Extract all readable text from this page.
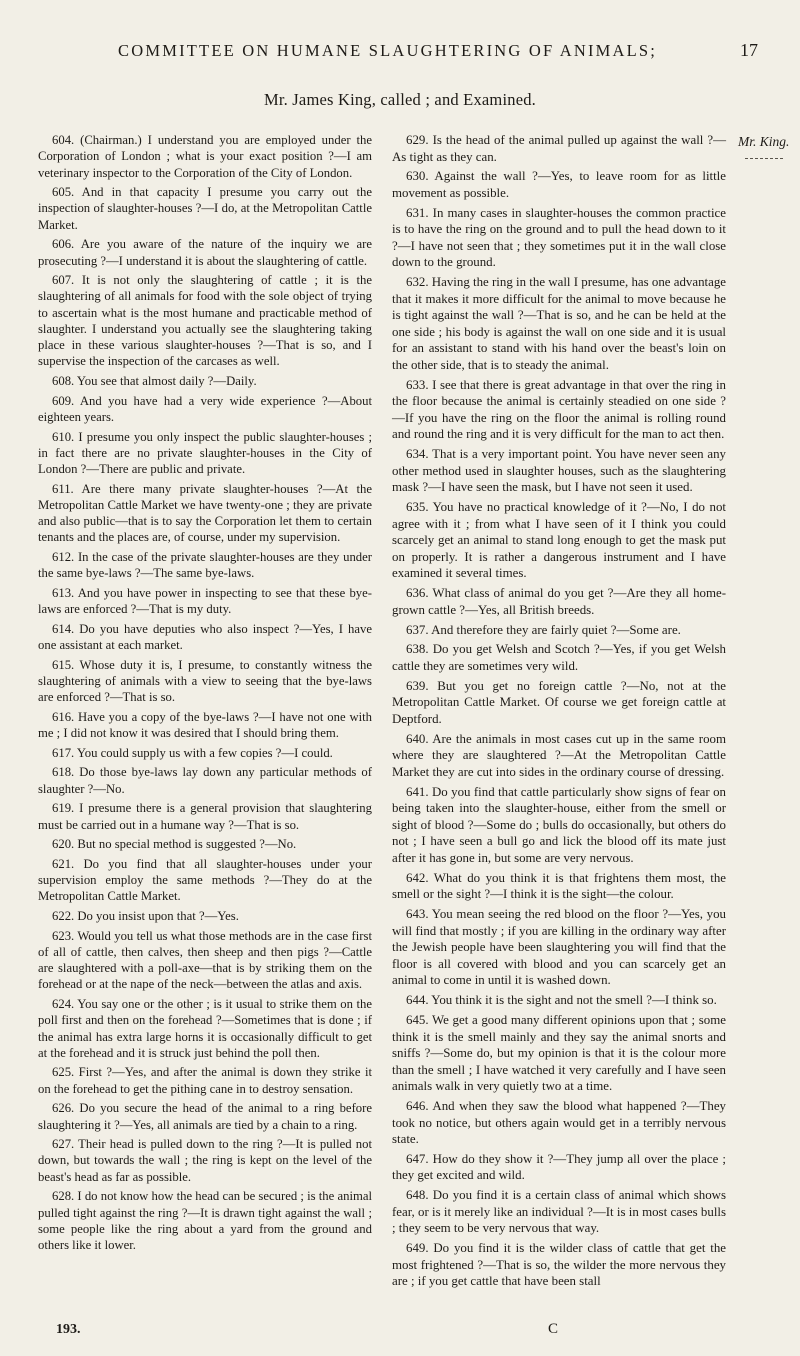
COMMITTEE ON HUMANE SLAUGHTERING OF ANIMALS;	17
Mr. James King, called ; and Examined.

604. (Chairman.) I understand you are employed under the Corporation of London ; what is your exact position ?—I am veterinary inspector to the Corporation of the City of London.

605. And in that capacity I presume you carry out the inspection of slaughter-houses ?—I do, at the Metropolitan Cattle Market.

606. Are you aware of the nature of the inquiry we are prosecuting ?—I understand it is about the slaughtering of cattle.

607. It is not only the slaughtering of cattle ; it is the slaughtering of all animals for food with the sole object of trying to ascertain what is the most humane and practicable method of slaughter. I understand you actually see the slaughtering taking place in these various slaughter-houses ?—That is so, and I supervise the inspection of the carcases as well.

608. You see that almost daily ?—Daily.

609. And you have had a very wide experience ?—About eighteen years.

610. I presume you only inspect the public slaughter-houses ; in fact there are no private slaughter-houses in the City of London ?—There are public and private.

611. Are there many private slaughter-houses ?—At the Metropolitan Cattle Market we have twenty-one ; they are private and also public—that is to say the Corporation let them to certain tenants and the places are, of course, under my supervision.

612. In the case of the private slaughter-houses are they under the same bye-laws ?—The same bye-laws.

613. And you have power in inspecting to see that these bye-laws are enforced ?—That is my duty.

614. Do you have deputies who also inspect ?—Yes, I have one assistant at each market.

615. Whose duty it is, I presume, to constantly witness the slaughtering of animals with a view to seeing that the bye-laws are enforced ?—That is so.

616. Have you a copy of the bye-laws ?—I have not one with me ; I did not know it was desired that I should bring them.

617. You could supply us with a few copies ?—I could.

618. Do those bye-laws lay down any particular methods of slaughter ?—No.

619. I presume there is a general provision that slaughtering must be carried out in a humane way ?—That is so.

620. But no special method is suggested ?—No.

621. Do you find that all slaughter-houses under your supervision employ the same methods ?—They do at the Metropolitan Cattle Market.

622. Do you insist upon that ?—Yes.

623. Would you tell us what those methods are in the case first of all of cattle, then calves, then sheep and then pigs ?—Cattle are slaughtered with a poll-axe—that is by striking them on the forehead or at the nape of the neck—between the atlas and axis.

624. You say one or the other ; is it usual to strike them on the poll first and then on the forehead ?—Sometimes that is done ; if the animal has extra large horns it is occasionally difficult to get at the forehead and it is struck just behind the poll then.

625. First ?—Yes, and after the animal is down they strike it on the forehead to get the pithing cane in to destroy sensation.

626. Do you secure the head of the animal to a ring before slaughtering it ?—Yes, all animals are tied by a chain to a ring.

627. Their head is pulled down to the ring ?—It is pulled not down, but towards the wall ; the ring is kept on the level of the beast's head as far as possible.

628. I do not know how the head can be secured ; is the animal pulled tight against the ring ?—It is drawn tight against the wall ; some people like the ring about a yard from the ground and others like it lower.

629. Is the head of the animal pulled up against the wall ?—As tight as they can.

630. Against the wall ?—Yes, to leave room for as little movement as possible.

631. In many cases in slaughter-houses the common practice is to have the ring on the ground and to pull the head down to it ?—I have not seen that ; they sometimes put it in the wall close down to the ground.

632. Having the ring in the wall I presume, has one advantage that it makes it more difficult for the animal to move because he is tight against the wall ?—That is so, and he can be held at the one side ; his body is against the wall on one side and it is usual for an assistant to stand with his hand over the beast's loin on the other side, that is to steady the animal.

633. I see that there is great advantage in that over the ring in the floor because the animal is certainly steadied on one side ?—If you have the ring on the floor the animal is rolling round and round the ring and it is very difficult for the man to act then.

634. That is a very important point. You have never seen any other method used in slaughter houses, such as the slaughtering mask ?—I have seen the mask, but I have not seen it used.

635. You have no practical knowledge of it ?—No, I do not agree with it ; from what I have seen of it I think you could scarcely get an animal to stand long enough to get the mask put on properly. It is rather a dangerous instrument and I have examined it several times.

636. What class of animal do you get ?—Are they all home-grown cattle ?—Yes, all British breeds.

637. And therefore they are fairly quiet ?—Some are.

638. Do you get Welsh and Scotch ?—Yes, if you get Welsh cattle they are sometimes very wild.

639. But you get no foreign cattle ?—No, not at the Metropolitan Cattle Market. Of course we get foreign cattle at Deptford.

640. Are the animals in most cases cut up in the same room where they are slaughtered ?—At the Metropolitan Cattle Market they are cut into sides in the ordinary course of dressing.

641. Do you find that cattle particularly show signs of fear on being taken into the slaughter-house, either from the smell or sight of blood ?—Some do ; bulls do occasionally, but others do not ; I have seen a bull go and lick the blood off its mate just after it has gone in, but some are very nervous.

642. What do you think it is that frightens them most, the smell or the sight ?—I think it is the sight—the colour.

643. You mean seeing the red blood on the floor ?—Yes, you will find that mostly ; if you are killing in the ordinary way after the Jewish people have been slaughtering you will find that the floor is all covered with blood and you can scarcely get an animal to come in until it is washed down.

644. You think it is the sight and not the smell ?—I think so.

645. We get a good many different opinions upon that ; some think it is the smell mainly and they say the animal snorts and sniffs ?—Some do, but my opinion is that it is the colour more than the smell ; I have watched it very carefully and I have seen animals walk in very quietly two at a time.

646. And when they saw the blood what happened ?—They took no notice, but others again would get in a terribly nervous state.

647. How do they show it ?—They jump all over the place ; they get excited and wild.

648. Do you find it is a certain class of animal which shows fear, or is it merely like an individual ?—It is in most cases bulls ; they seem to be very nervous that way.

649. Do you find it is the wilder class of cattle that get the most frightened ?—That is so, the wilder the more nervous they are ; if you get cattle that have been stall

Mr. King.
193.	C
